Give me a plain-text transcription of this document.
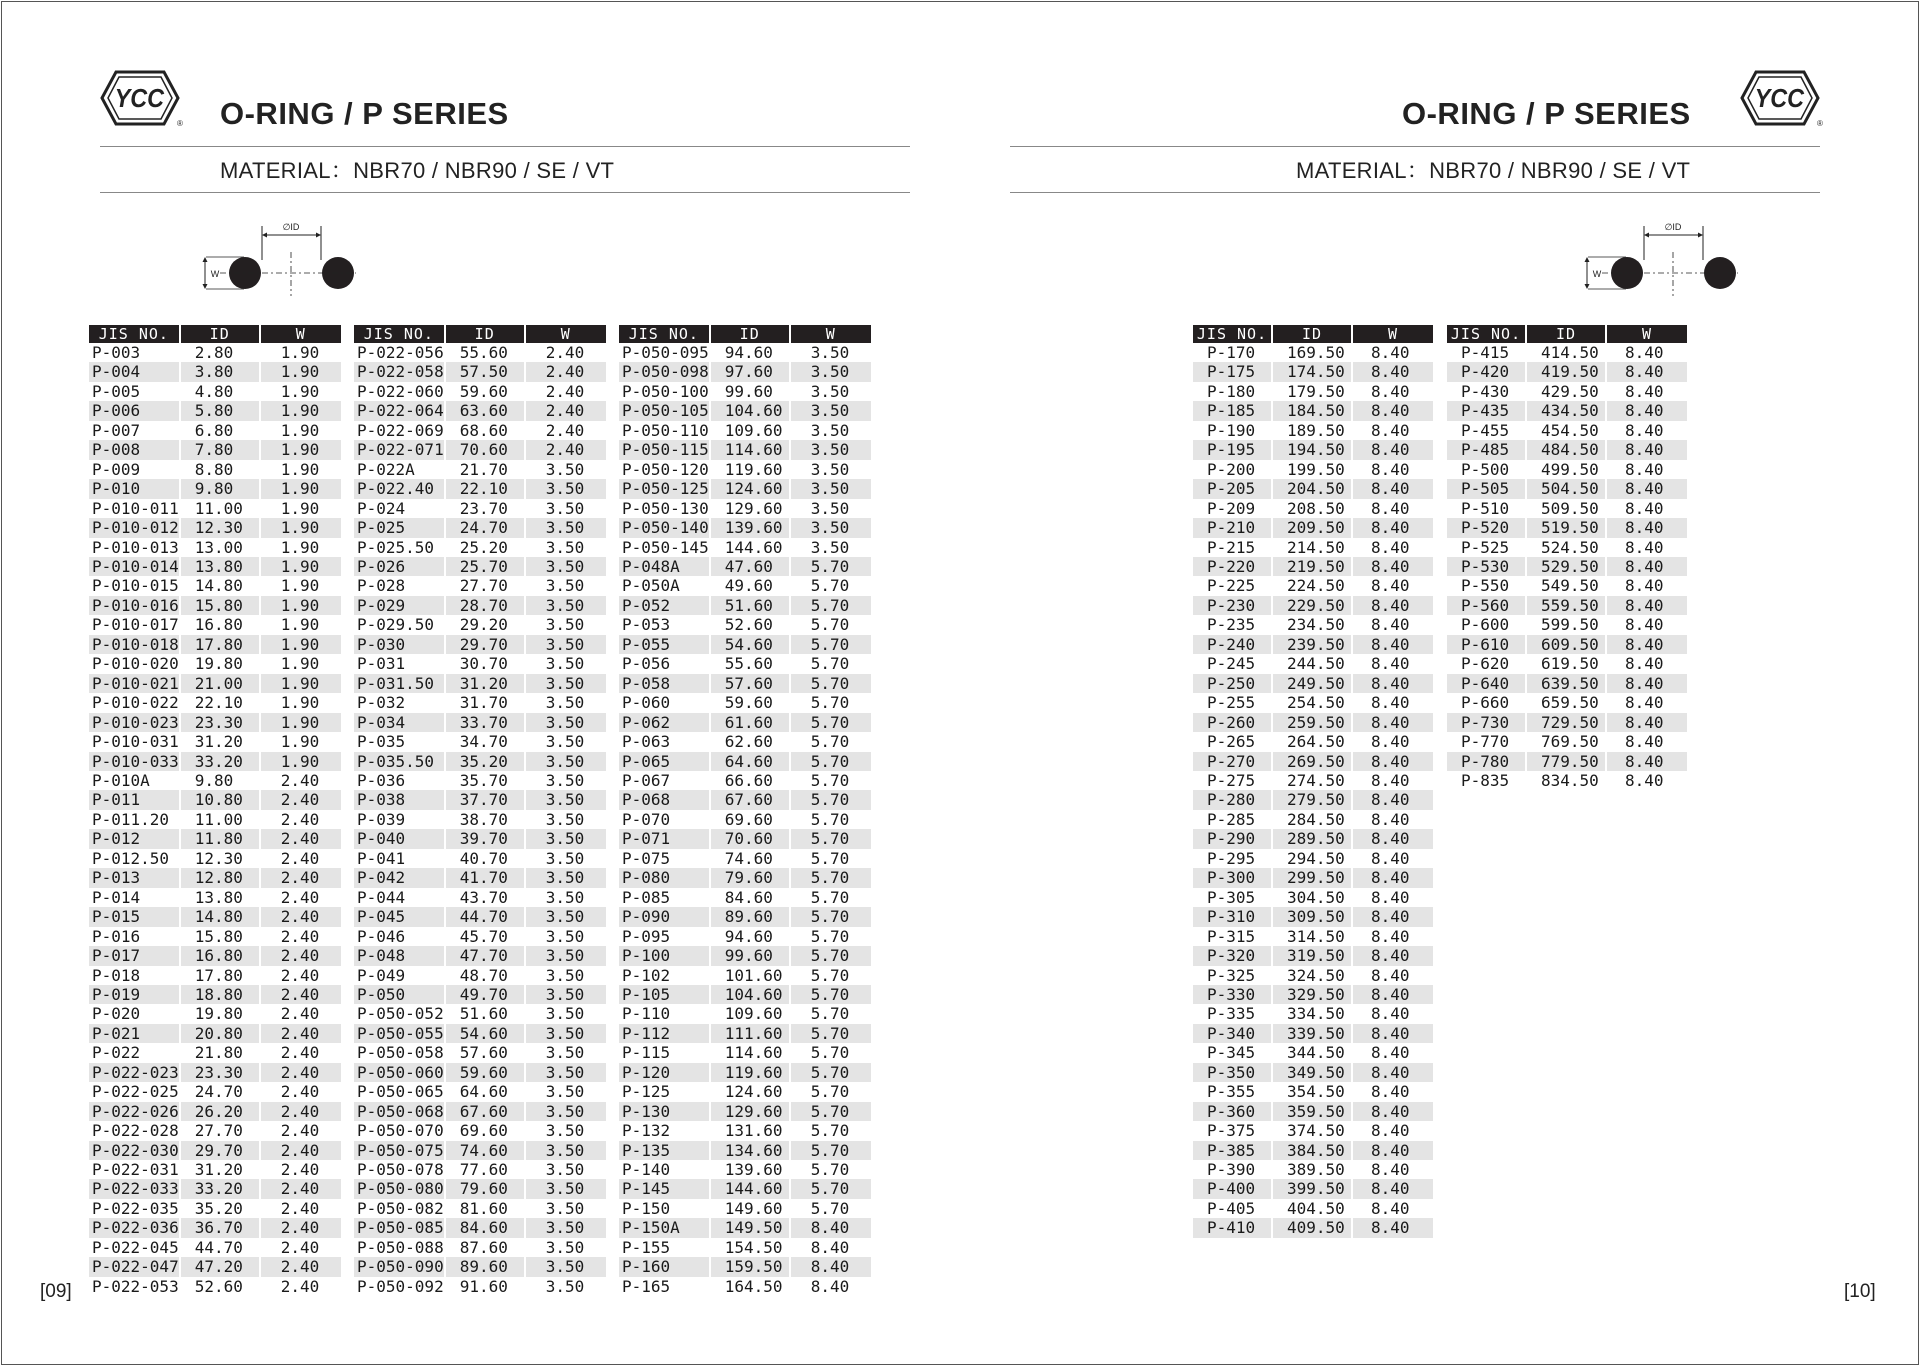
YCC
® O-RING / P SERIES
MATERIAL：NBR70 / NBR90 / SE / VT
∅ID
W
O-RING / P SERIES YCC
®
MATERIAL：NBR70 / NBR90 / SE / VT
∅ID
W
JIS NO.	ID	W
P-003	2.80	1.90
P-004	3.80	1.90
P-005	4.80	1.90
P-006	5.80	1.90
P-007	6.80	1.90
P-008	7.80	1.90
P-009	8.80	1.90
P-010	9.80	1.90
P-010-011	11.00	1.90
P-010-012	12.30	1.90
P-010-013	13.00	1.90
P-010-014	13.80	1.90
P-010-015	14.80	1.90
P-010-016	15.80	1.90
P-010-017	16.80	1.90
P-010-018	17.80	1.90
P-010-020	19.80	1.90
P-010-021	21.00	1.90
P-010-022	22.10	1.90
P-010-023	23.30	1.90
P-010-031	31.20	1.90
P-010-033	33.20	1.90
P-010A	9.80	2.40
P-011	10.80	2.40
P-011.20	11.00	2.40
P-012	11.80	2.40
P-012.50	12.30	2.40
P-013	12.80	2.40
P-014	13.80	2.40
P-015	14.80	2.40
P-016	15.80	2.40
P-017	16.80	2.40
P-018	17.80	2.40
P-019	18.80	2.40
P-020	19.80	2.40
P-021	20.80	2.40
P-022	21.80	2.40
P-022-023	23.30	2.40
P-022-025	24.70	2.40
P-022-026	26.20	2.40
P-022-028	27.70	2.40
P-022-030	29.70	2.40
P-022-031	31.20	2.40
P-022-033	33.20	2.40
P-022-035	35.20	2.40
P-022-036	36.70	2.40
P-022-045	44.70	2.40
P-022-047	47.20	2.40
P-022-053	52.60	2.40
JIS NO.	ID	W
P-022-056	55.60	2.40
P-022-058	57.50	2.40
P-022-060	59.60	2.40
P-022-064	63.60	2.40
P-022-069	68.60	2.40
P-022-071	70.60	2.40
P-022A	21.70	3.50
P-022.40	22.10	3.50
P-024	23.70	3.50
P-025	24.70	3.50
P-025.50	25.20	3.50
P-026	25.70	3.50
P-028	27.70	3.50
P-029	28.70	3.50
P-029.50	29.20	3.50
P-030	29.70	3.50
P-031	30.70	3.50
P-031.50	31.20	3.50
P-032	31.70	3.50
P-034	33.70	3.50
P-035	34.70	3.50
P-035.50	35.20	3.50
P-036	35.70	3.50
P-038	37.70	3.50
P-039	38.70	3.50
P-040	39.70	3.50
P-041	40.70	3.50
P-042	41.70	3.50
P-044	43.70	3.50
P-045	44.70	3.50
P-046	45.70	3.50
P-048	47.70	3.50
P-049	48.70	3.50
P-050	49.70	3.50
P-050-052	51.60	3.50
P-050-055	54.60	3.50
P-050-058	57.60	3.50
P-050-060	59.60	3.50
P-050-065	64.60	3.50
P-050-068	67.60	3.50
P-050-070	69.60	3.50
P-050-075	74.60	3.50
P-050-078	77.60	3.50
P-050-080	79.60	3.50
P-050-082	81.60	3.50
P-050-085	84.60	3.50
P-050-088	87.60	3.50
P-050-090	89.60	3.50
P-050-092	91.60	3.50
JIS NO.	ID	W
P-050-095	94.60	3.50
P-050-098	97.60	3.50
P-050-100	99.60	3.50
P-050-105	104.60	3.50
P-050-110	109.60	3.50
P-050-115	114.60	3.50
P-050-120	119.60	3.50
P-050-125	124.60	3.50
P-050-130	129.60	3.50
P-050-140	139.60	3.50
P-050-145	144.60	3.50
P-048A	47.60	5.70
P-050A	49.60	5.70
P-052	51.60	5.70
P-053	52.60	5.70
P-055	54.60	5.70
P-056	55.60	5.70
P-058	57.60	5.70
P-060	59.60	5.70
P-062	61.60	5.70
P-063	62.60	5.70
P-065	64.60	5.70
P-067	66.60	5.70
P-068	67.60	5.70
P-070	69.60	5.70
P-071	70.60	5.70
P-075	74.60	5.70
P-080	79.60	5.70
P-085	84.60	5.70
P-090	89.60	5.70
P-095	94.60	5.70
P-100	99.60	5.70
P-102	101.60	5.70
P-105	104.60	5.70
P-110	109.60	5.70
P-112	111.60	5.70
P-115	114.60	5.70
P-120	119.60	5.70
P-125	124.60	5.70
P-130	129.60	5.70
P-132	131.60	5.70
P-135	134.60	5.70
P-140	139.60	5.70
P-145	144.60	5.70
P-150	149.60	5.70
P-150A	149.50	8.40
P-155	154.50	8.40
P-160	159.50	8.40
P-165	164.50	8.40
JIS NO.	ID	W
P-170	169.50	8.40
P-175	174.50	8.40
P-180	179.50	8.40
P-185	184.50	8.40
P-190	189.50	8.40
P-195	194.50	8.40
P-200	199.50	8.40
P-205	204.50	8.40
P-209	208.50	8.40
P-210	209.50	8.40
P-215	214.50	8.40
P-220	219.50	8.40
P-225	224.50	8.40
P-230	229.50	8.40
P-235	234.50	8.40
P-240	239.50	8.40
P-245	244.50	8.40
P-250	249.50	8.40
P-255	254.50	8.40
P-260	259.50	8.40
P-265	264.50	8.40
P-270	269.50	8.40
P-275	274.50	8.40
P-280	279.50	8.40
P-285	284.50	8.40
P-290	289.50	8.40
P-295	294.50	8.40
P-300	299.50	8.40
P-305	304.50	8.40
P-310	309.50	8.40
P-315	314.50	8.40
P-320	319.50	8.40
P-325	324.50	8.40
P-330	329.50	8.40
P-335	334.50	8.40
P-340	339.50	8.40
P-345	344.50	8.40
P-350	349.50	8.40
P-355	354.50	8.40
P-360	359.50	8.40
P-375	374.50	8.40
P-385	384.50	8.40
P-390	389.50	8.40
P-400	399.50	8.40
P-405	404.50	8.40
P-410	409.50	8.40
JIS NO.	ID	W
P-415	414.50	8.40
P-420	419.50	8.40
P-430	429.50	8.40
P-435	434.50	8.40
P-455	454.50	8.40
P-485	484.50	8.40
P-500	499.50	8.40
P-505	504.50	8.40
P-510	509.50	8.40
P-520	519.50	8.40
P-525	524.50	8.40
P-530	529.50	8.40
P-550	549.50	8.40
P-560	559.50	8.40
P-600	599.50	8.40
P-610	609.50	8.40
P-620	619.50	8.40
P-640	639.50	8.40
P-660	659.50	8.40
P-730	729.50	8.40
P-770	769.50	8.40
P-780	779.50	8.40
P-835	834.50	8.40
[09]	[10]
